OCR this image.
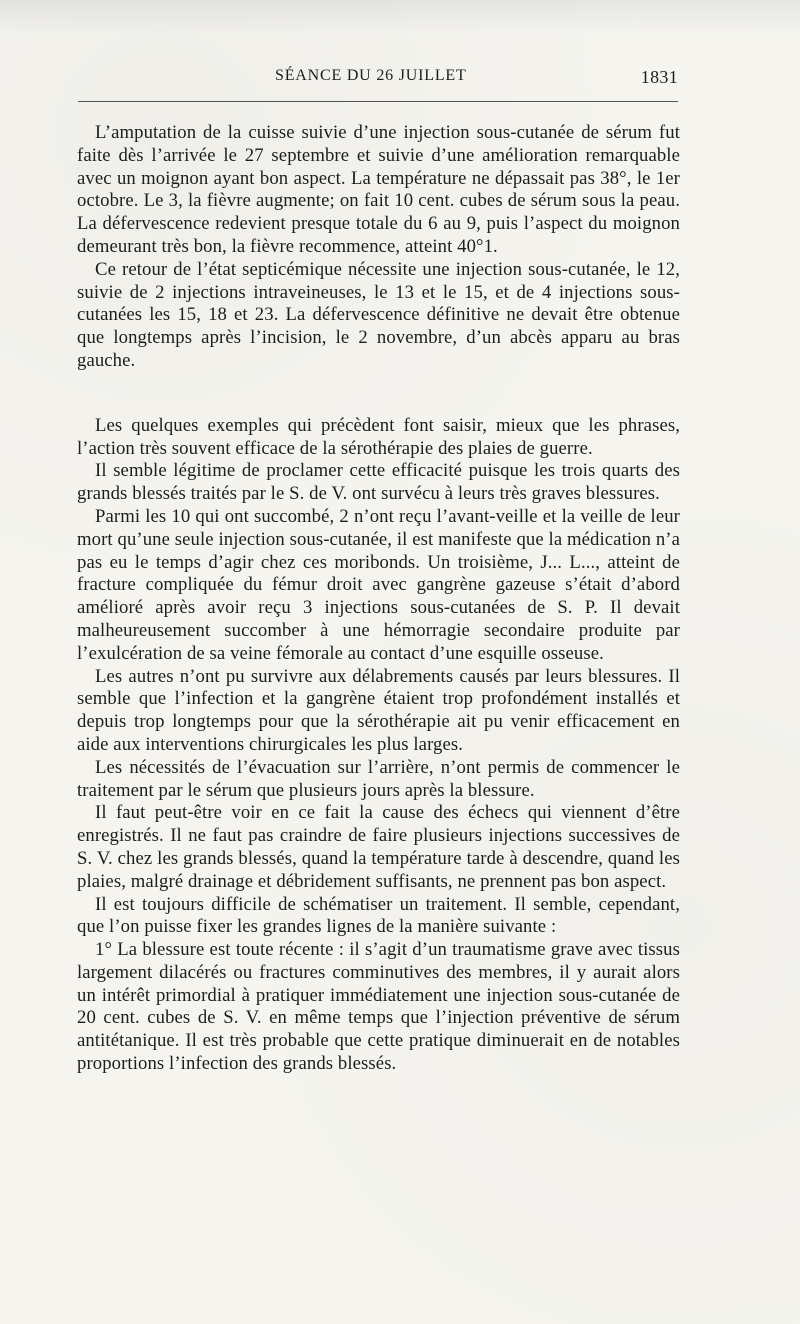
SÉANCE DU 26 JUILLET	1831

L’amputation de la cuisse suivie d’une injection sous-cutanée de sérum fut faite dès l’arrivée le 27 septembre et suivie d’une amélioration remarquable avec un moignon ayant bon aspect. La température ne dépassait pas 38°, le 1er octobre. Le 3, la fièvre augmente; on fait 10 cent. cubes de sérum sous la peau. La défervescence redevient presque totale du 6 au 9, puis l’aspect du moignon demeurant très bon, la fièvre recommence, atteint 40°1.

Ce retour de l’état septicémique nécessite une injection sous-cutanée, le 12, suivie de 2 injections intraveineuses, le 13 et le 15, et de 4 injections sous-cutanées les 15, 18 et 23. La défervescence définitive ne devait être obtenue que longtemps après l’incision, le 2 novembre, d’un abcès apparu au bras gauche.

Les quelques exemples qui précèdent font saisir, mieux que les phrases, l’action très souvent efficace de la sérothérapie des plaies de guerre.

Il semble légitime de proclamer cette efficacité puisque les trois quarts des grands blessés traités par le S. de V. ont survécu à leurs très graves blessures.

Parmi les 10 qui ont succombé, 2 n’ont reçu l’avant-veille et la veille de leur mort qu’une seule injection sous-cutanée, il est manifeste que la médication n’a pas eu le temps d’agir chez ces moribonds. Un troisième, J... L..., atteint de fracture compliquée du fémur droit avec gangrène gazeuse s’était d’abord amélioré après avoir reçu 3 injections sous-cutanées de S. P. Il devait malheureusement succomber à une hémorragie secondaire produite par l’exulcération de sa veine fémorale au contact d’une esquille osseuse.

Les autres n’ont pu survivre aux délabrements causés par leurs blessures. Il semble que l’infection et la gangrène étaient trop profondément installés et depuis trop longtemps pour que la sérothérapie ait pu venir efficacement en aide aux interventions chirurgicales les plus larges.

Les nécessités de l’évacuation sur l’arrière, n’ont permis de commencer le traitement par le sérum que plusieurs jours après la blessure.

Il faut peut-être voir en ce fait la cause des échecs qui viennent d’être enregistrés. Il ne faut pas craindre de faire plusieurs injections successives de S. V. chez les grands blessés, quand la température tarde à descendre, quand les plaies, malgré drainage et débridement suffisants, ne prennent pas bon aspect.

Il est toujours difficile de schématiser un traitement. Il semble, cependant, que l’on puisse fixer les grandes lignes de la manière suivante :

1° La blessure est toute récente : il s’agit d’un traumatisme grave avec tissus largement dilacérés ou fractures comminutives des membres, il y aurait alors un intérêt primordial à pratiquer immédiatement une injection sous-cutanée de 20 cent. cubes de S. V. en même temps que l’injection préventive de sérum antitétanique. Il est très probable que cette pratique diminuerait en de notables proportions l’infection des grands blessés.
